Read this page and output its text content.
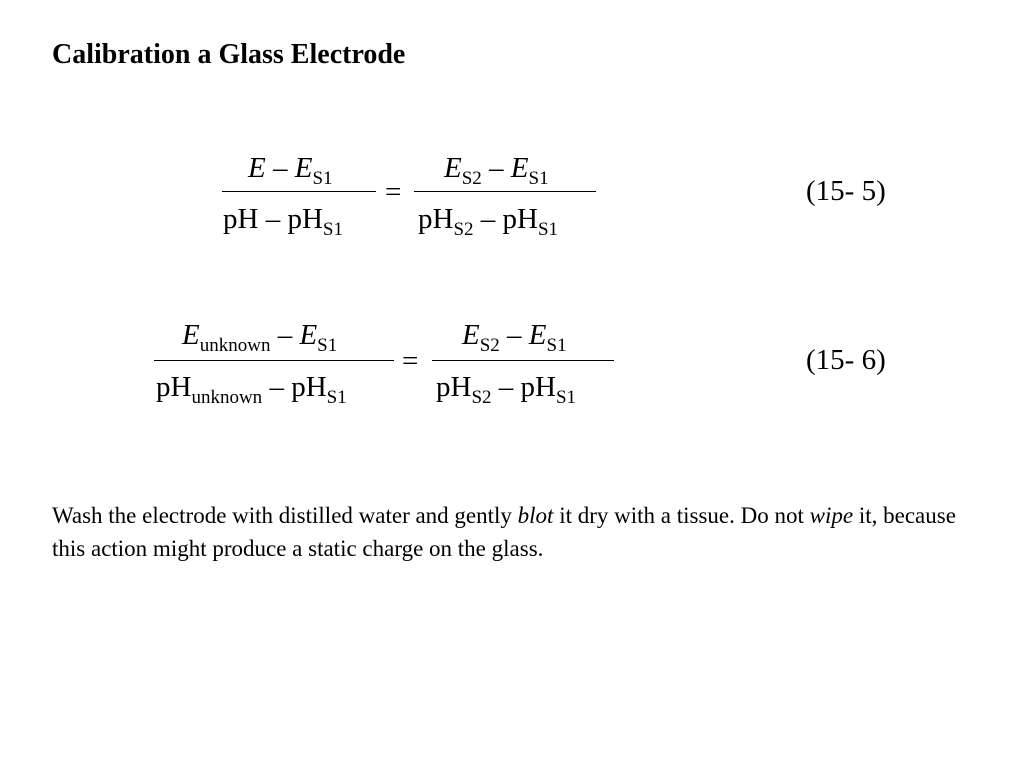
Calibration a Glass Electrode
E – $E_{S1}$
pH – $pH_{S1}$
=
$E_{S2} - E_{S1}$
$pH_{S2} - pH_{S1}$
(15- 5)
$E_{unknown} - E_{S1}$
$pH_{unknown} - pH_{S1}$
=
$E_{S2} - E_{S1}$
$pH_{S2} - pH_{S1}$
(15- 6)
Wash the electrode with distilled water and gently blot it dry with a tissue. Do not wipe it, because this action might produce a static charge on the glass.
